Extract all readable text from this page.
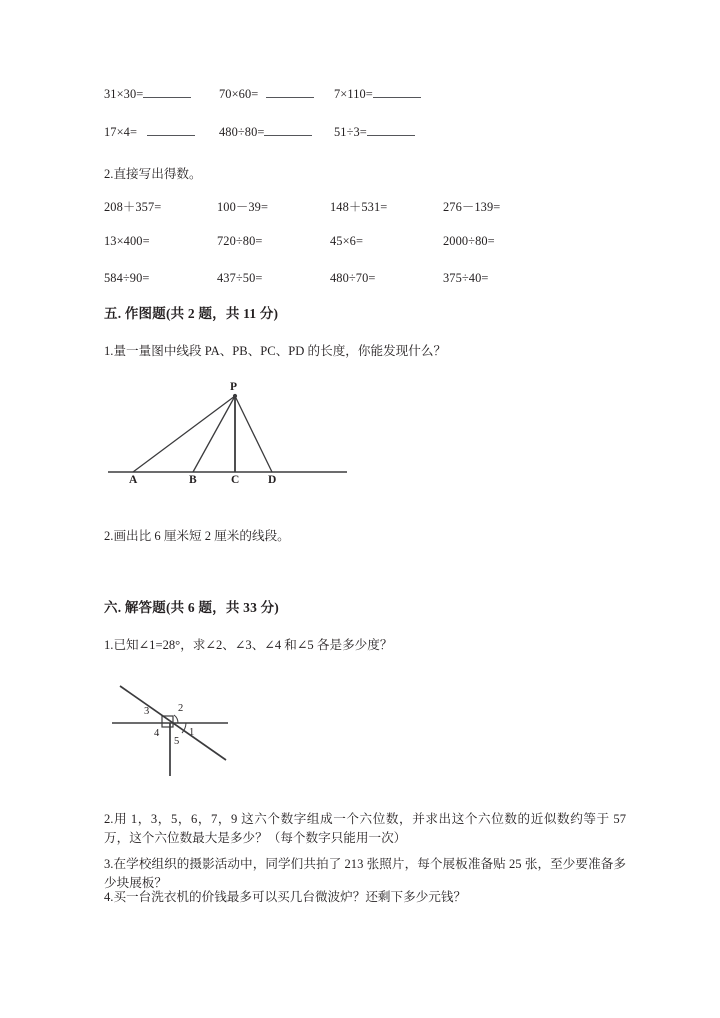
31×30=	70×60=	7×110=
17×4=	480÷80=	51÷3=
2.直接写出得数。
208＋357=	100－39=	148＋531=	276－139=
13×400=	720÷80=	45×6=	2000÷80=
584÷90=	437÷50=	480÷70=	375÷40=
五. 作图题(共 2 题，共 11 分)
1.量一量图中线段 PA、PB、PC、PD 的长度，你能发现什么？
P
A	B	C D
2.画出比 6 厘米短 2 厘米的线段。
六. 解答题(共 6 题，共 33 分)
1.已知∠1=28°，求∠2、∠3、∠4 和∠5 各是多少度？
2
1
3
4
5
2.用 1，3，5，6，7，9 这六个数字组成一个六位数，并求出这个六位数的近似数约等于 57 万，这个六位数最大是多少？（每个数字只能用一次）
3.在学校组织的摄影活动中，同学们共拍了 213 张照片，每个展板准备贴 25 张，至少要准备多少块展板？
4.买一台洗衣机的价钱最多可以买几台微波炉？还剩下多少元钱？
